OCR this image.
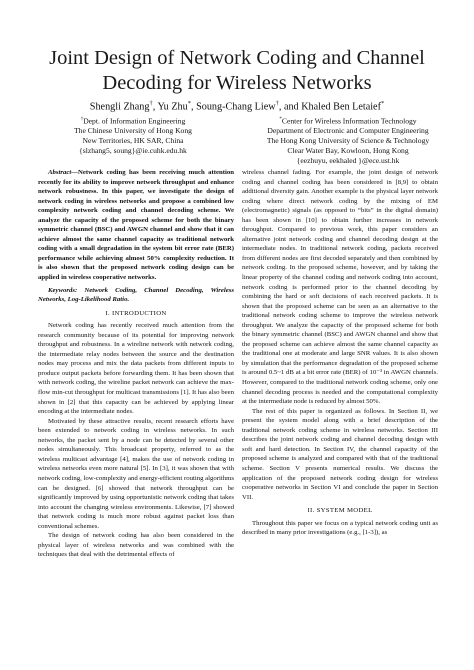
Joint Design of Network Coding and Channel Decoding for Wireless Networks
Shengli Zhang†, Yu Zhu*, Soung-Chang Liew†, and Khaled Ben Letaief*
†Dept. of Information Engineering
The Chinese University of Hong Kong
New Territories, HK SAR, China
{slzhang5, soung}@ie.cuhk.edu.hk
*Center for Wireless Information Technology
Department of Electronic and Computer Engineering
The Hong Kong University of Science & Technology
Clear Water Bay, Kowloon, Hong Kong
{eezhuyu, eekhaled }@ece.ust.hk

Abstract—Network coding has been receiving much attention recently for its ability to improve network throughput and enhance network robustness. In this paper, we investigate the design of network coding in wireless networks and propose a combined low complexity network coding and channel decoding scheme. We analyze the capacity of the proposed scheme for both the binary symmetric channel (BSC) and AWGN channel and show that it can achieve almost the same channel capacity as traditional network coding with a small degradation in the system bit error rate (BER) performance while achieving almost 50% complexity reduction. It is also shown that the proposed network coding design can be applied in wireless cooperative networks.

Keywords: Network Coding, Channel Decoding, Wireless Networks, Log-Likelihood Ratio.

I. INTRODUCTION

Network coding has recently received much attention from the research community because of its potential for improving network throughput and robustness. In a wireline network with network coding, the intermediate relay nodes between the source and the destination nodes may process and mix the data packets from different inputs to produce output packets before forwarding them. It has been shown that with network coding, the wireline packet network can achieve the max-flow min-cut throughput for multicast transmissions [1]. It has also been shown in [2] that this capacity can be achieved by applying linear encoding at the intermediate nodes.

Motivated by these attractive results, recent research efforts have been extended to network coding in wireless networks. In such networks, the packet sent by a node can be detected by several other nodes simultaneously. This broadcast property, referred to as the wireless multicast advantage [4], makes the use of network coding in wireless networks even more natural [5]. In [3], it was shown that with network coding, low-complexity and energy-efficient routing algorithms can be designed. [6] showed that network throughput can be significantly improved by using opportunistic network coding that takes into account the changing wireless environments. Likewise, [7] showed that network coding is much more robust against packet loss than conventional schemes.

The design of network coding has also been considered in the physical layer of wireless networks and was combined with the techniques that deal with the detrimental effects of

wireless channel fading. For example, the joint design of network coding and channel coding has been considered in [8,9] to obtain additional diversity gain. Another example is the physical layer network coding where direct network coding by the mixing of EM (electromagnetic) signals (as opposed to “bits” in the digital domain) has been shown in [10] to obtain further increases in network throughput. Compared to previous work, this paper considers an alternative joint network coding and channel decoding design at the intermediate nodes. In traditional network coding, packets received from different nodes are first decoded separately and then combined by network coding. In the proposed scheme, however, and by taking the linear property of the channel coding and network coding into account, network coding is performed prior to the channel decoding by combining the hard or soft decisions of each received packets. It is shown that the proposed scheme can be seen as an alternative to the traditional network coding scheme to improve the wireless network throughput. We analyze the capacity of the proposed scheme for both the binary symmetric channel (BSC) and AWGN channel and show that the proposed scheme can achieve almost the same channel capacity as the traditional one at moderate and large SNR values. It is also shown by simulation that the performance degradation of the proposed scheme is around 0.5~1 dB at a bit error rate (BER) of 10⁻³ in AWGN channels. However, compared to the traditional network coding scheme, only one channel decoding process is needed and the computational complexity at the intermediate node is reduced by almost 50%.

The rest of this paper is organized as follows. In Section II, we present the system model along with a brief description of the traditional network coding scheme in wireless networks. Section III describes the joint network coding and channel decoding design with soft and hard detection. In Section IV, the channel capacity of the proposed scheme is analyzed and compared with that of the traditional scheme. Section V presents numerical results. We discuss the application of the proposed network coding design for wireless cooperative networks in Section VI and conclude the paper in Section VII.

II. SYSTEM MODEL

Throughout this paper we focus on a typical network coding unit as described in many prior investigations (e.g., [1-3]), as
